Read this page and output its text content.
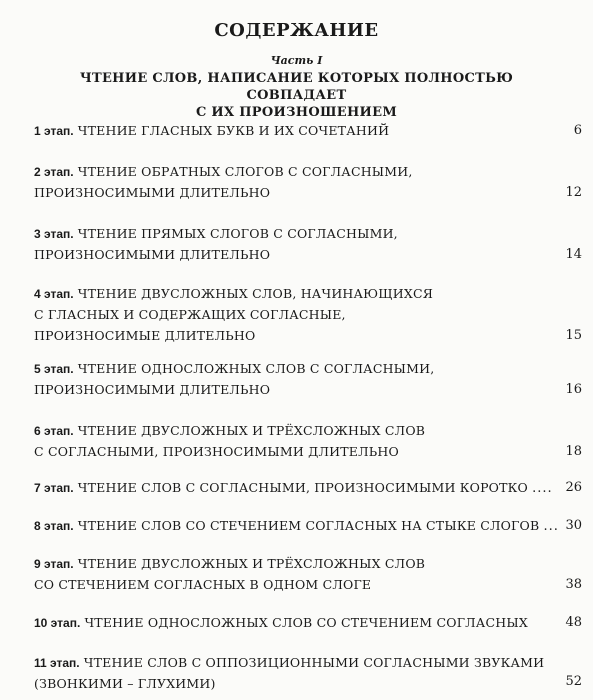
СОДЕРЖАНИЕ
Часть I
ЧТЕНИЕ СЛОВ, НАПИСАНИЕ КОТОРЫХ ПОЛНОСТЬЮ СОВПАДАЕТ
С ИХ ПРОИЗНОШЕНИЕМ
1 этап. ЧТЕНИЕ ГЛАСНЫХ БУКВ И ИХ СОЧЕТАНИЙ	6
2 этап. ЧТЕНИЕ ОБРАТНЫХ СЛОГОВ С СОГЛАСНЫМИ,
ПРОИЗНОСИМЫМИ ДЛИТЕЛЬНО	12
3 этап. ЧТЕНИЕ ПРЯМЫХ СЛОГОВ С СОГЛАСНЫМИ,
ПРОИЗНОСИМЫМИ ДЛИТЕЛЬНО	14
4 этап. ЧТЕНИЕ ДВУСЛОЖНЫХ СЛОВ, НАЧИНАЮЩИХСЯ
С ГЛАСНЫХ И СОДЕРЖАЩИХ СОГЛАСНЫЕ,
ПРОИЗНОСИМЫЕ ДЛИТЕЛЬНО	15
5 этап. ЧТЕНИЕ ОДНОСЛОЖНЫХ СЛОВ С СОГЛАСНЫМИ,
ПРОИЗНОСИМЫМИ ДЛИТЕЛЬНО	16
6 этап. ЧТЕНИЕ ДВУСЛОЖНЫХ И ТРЁХСЛОЖНЫХ СЛОВ
С СОГЛАСНЫМИ, ПРОИЗНОСИМЫМИ ДЛИТЕЛЬНО	18
7 этап. ЧТЕНИЕ СЛОВ С СОГЛАСНЫМИ, ПРОИЗНОСИМЫМИ КОРОТКО .... 26
8 этап. ЧТЕНИЕ СЛОВ СО СТЕЧЕНИЕМ СОГЛАСНЫХ НА СТЫКЕ СЛОГОВ ... 30
9 этап. ЧТЕНИЕ ДВУСЛОЖНЫХ И ТРЁХСЛОЖНЫХ СЛОВ
СО СТЕЧЕНИЕМ СОГЛАСНЫХ В ОДНОМ СЛОГЕ	38
10 этап. ЧТЕНИЕ ОДНОСЛОЖНЫХ СЛОВ СО СТЕЧЕНИЕМ СОГЛАСНЫХ	48
11 этап. ЧТЕНИЕ СЛОВ С ОППОЗИЦИОННЫМИ СОГЛАСНЫМИ ЗВУКАМИ
(ЗВОНКИМИ – ГЛУХИМИ)	52
